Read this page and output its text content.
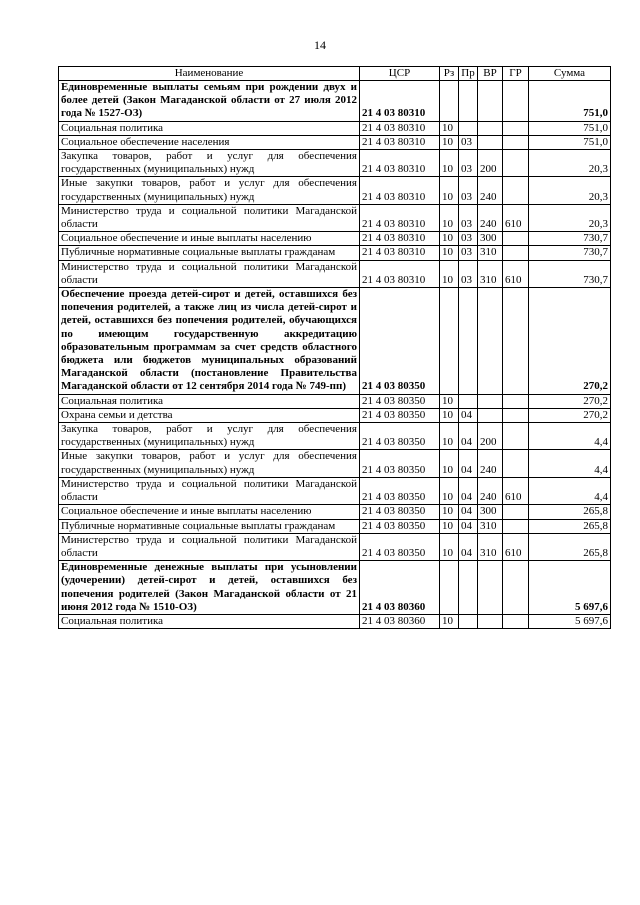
14
Наименование	ЦСР	Рз	Пр	ВР	ГР	Сумма
Единовременные выплаты семьям при рождении двух и более детей (Закон Магаданской области от 27 июля 2012 года № 1527-ОЗ)	21 4 03 80310					751,0
Социальная политика	21 4 03 80310	10				751,0
Социальное обеспечение населения	21 4 03 80310	10	03			751,0
Закупка товаров, работ и услуг для обеспечения государственных (муниципальных) нужд	21 4 03 80310	10	03	200		20,3
Иные закупки товаров, работ и услуг для обеспечения государственных (муниципальных) нужд	21 4 03 80310	10	03	240		20,3
Министерство труда и социальной политики Магаданской области	21 4 03 80310	10	03	240	610	20,3
Социальное обеспечение и иные выплаты населению	21 4 03 80310	10	03	300		730,7
Публичные нормативные социальные выплаты гражданам	21 4 03 80310	10	03	310		730,7
Министерство труда и социальной политики Магаданской области	21 4 03 80310	10	03	310	610	730,7
Обеспечение проезда детей-сирот и детей, оставшихся без попечения родителей, а также лиц из числа детей-сирот и детей, оставшихся без попечения родителей, обучающихся по имеющим государственную аккредитацию образовательным программам за счет средств областного бюджета или бюджетов муниципальных образований Магаданской области (постановление Правительства Магаданской области от 12 сентября 2014 года № 749-пп)	21 4 03 80350					270,2
Социальная политика	21 4 03 80350	10				270,2
Охрана семьи и детства	21 4 03 80350	10	04			270,2
Закупка товаров, работ и услуг для обеспечения государственных (муниципальных) нужд	21 4 03 80350	10	04	200		4,4
Иные закупки товаров, работ и услуг для обеспечения государственных (муниципальных) нужд	21 4 03 80350	10	04	240		4,4
Министерство труда и социальной политики Магаданской области	21 4 03 80350	10	04	240	610	4,4
Социальное обеспечение и иные выплаты населению	21 4 03 80350	10	04	300		265,8
Публичные нормативные социальные выплаты гражданам	21 4 03 80350	10	04	310		265,8
Министерство труда и социальной политики Магаданской области	21 4 03 80350	10	04	310	610	265,8
Единовременные денежные выплаты при усыновлении (удочерении) детей-сирот и детей, оставшихся без попечения родителей (Закон Магаданской области от 21 июня 2012 года № 1510-ОЗ)	21 4 03 80360					5 697,6
Социальная политика	21 4 03 80360	10				5 697,6
